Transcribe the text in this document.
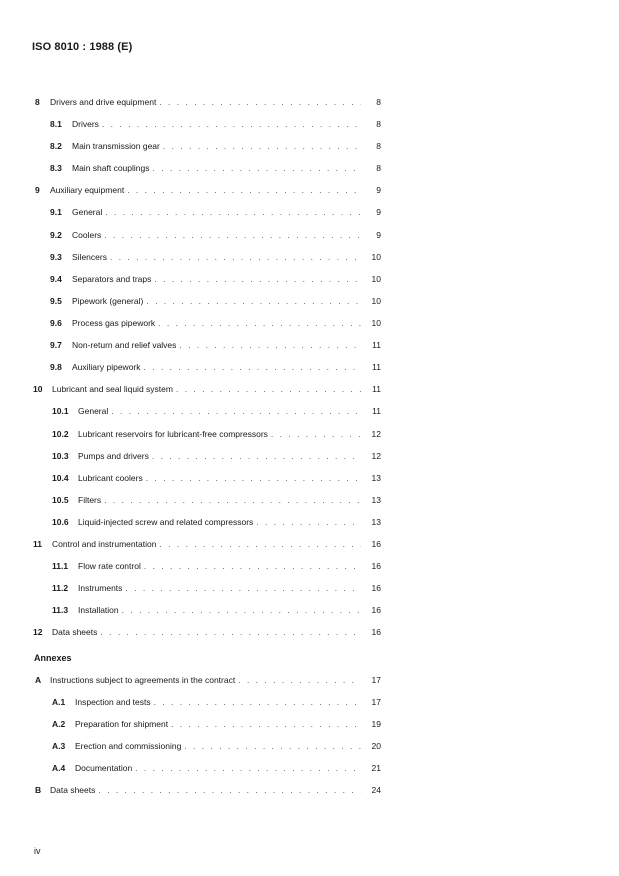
ISO 8010 : 1988 (E)
8 Drivers and drive equipment . . .	8
8.1 Drivers . . .	8
8.2 Main transmission gear . . .	8
8.3 Main shaft couplings . . .	8
9 Auxiliary equipment . . .	9
9.1 General . . .	9
9.2 Coolers . . .	9
9.3 Silencers . . .	10
9.4 Separators and traps . . .	10
9.5 Pipework (general) . . .	10
9.6 Process gas pipework . . .	10
9.7 Non-return and relief valves . . .	11
9.8 Auxiliary pipework . . .	11
10 Lubricant and seal liquid system . . .	11
10.1 General . . .	11
10.2 Lubricant reservoirs for lubricant-free compressors . . .	12
10.3 Pumps and drivers . . .	12
10.4 Lubricant coolers . . .	13
10.5 Filters . . .	13
10.6 Liquid-injected screw and related compressors . . .	13
11 Control and instrumentation . . .	16
11.1 Flow rate control . . .	16
11.2 Instruments . . .	16
11.3 Installation . . .	16
12 Data sheets . . .	16
Annexes
A Instructions subject to agreements in the contract . . .	17
A.1 Inspection and tests . . .	17
A.2 Preparation for shipment . . .	19
A.3 Erection and commissioning . . .	20
A.4 Documentation . . .	21
B Data sheets . . .	24
iv
